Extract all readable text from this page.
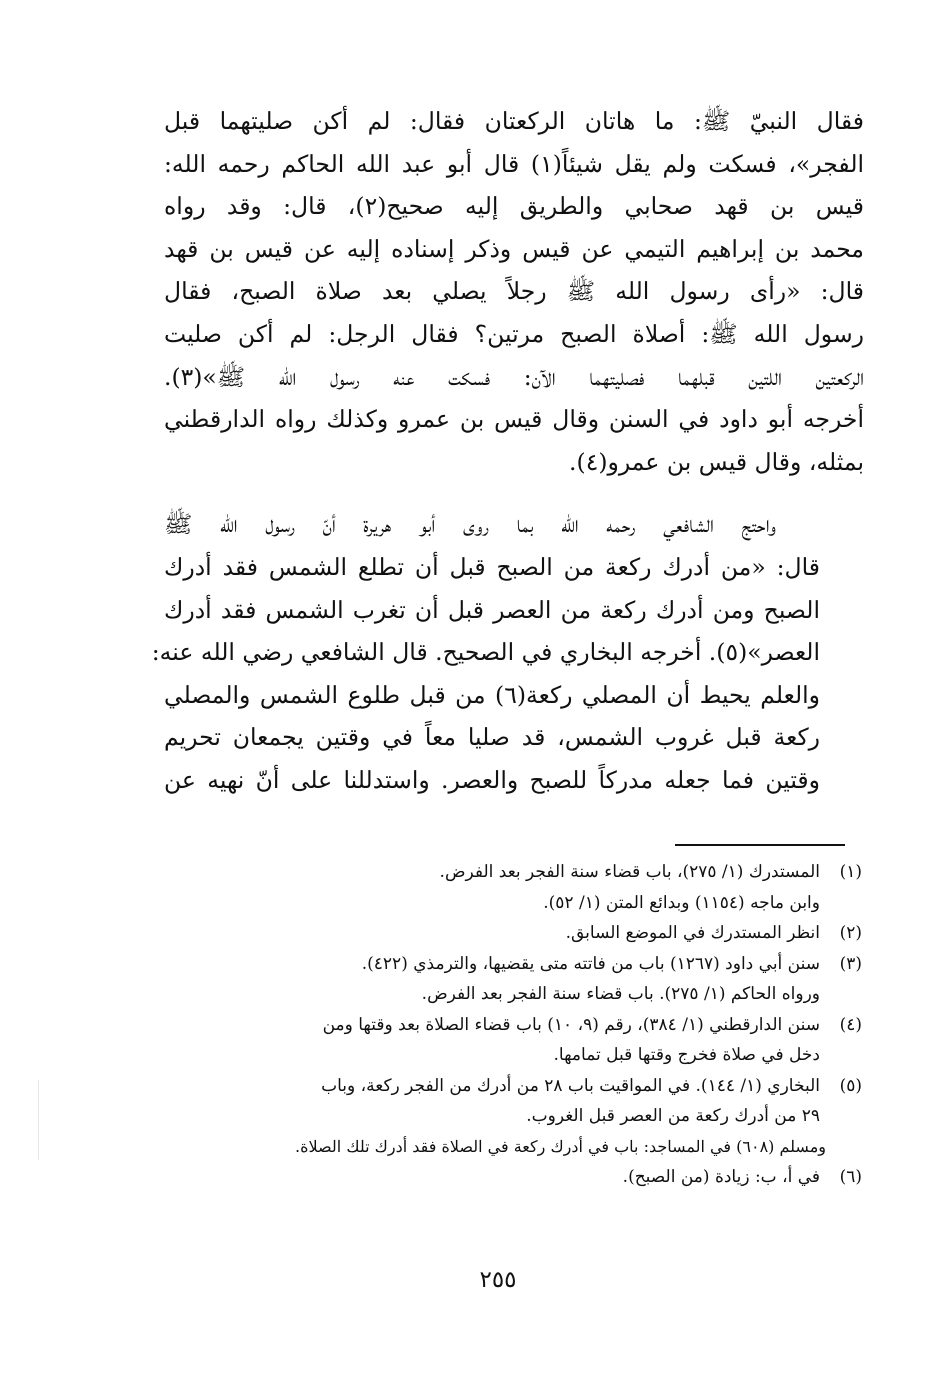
فقال النبيّ ﷺ: ما هاتان الركعتان فقال: لم أكن صليتهما قبل
الفجر»، فسكت ولم يقل شيئاً(١) قال أبو عبد الله الحاكم رحمه الله:
قيس بن قهد صحابي والطريق إليه صحيح(٢)، قال: وقد رواه
محمد بن إبراهيم التيمي عن قيس وذكر إسناده إليه عن قيس بن قهد
قال: «رأى رسول الله ﷺ رجلاً يصلي بعد صلاة الصبح، فقال
رسول الله ﷺ: أصلاة الصبح مرتين؟ فقال الرجل: لم أكن صليت
الركعتين اللتين قبلهما فصليتهما الآن: فسكت عنه رسول الله ﷺ»(٣).
أخرجه أبو داود في السنن وقال قيس بن عمرو وكذلك رواه الدارقطني
بمثله، وقال قيس بن عمرو(٤).
واحتج الشافعي رحمه الله بما روى أبو هريرة أنّ رسول الله ﷺ
قال: «من أدرك ركعة من الصبح قبل أن تطلع الشمس فقد أدرك
الصبح ومن أدرك ركعة من العصر قبل أن تغرب الشمس فقد أدرك
العصر»(٥). أخرجه البخاري في الصحيح. قال الشافعي رضي الله عنه:
والعلم يحيط أن المصلي ركعة(٦) من قبل طلوع الشمس والمصلي
ركعة قبل غروب الشمس، قد صليا معاً في وقتين يجمعان تحريم
وقتين فما جعله مدركاً للصبح والعصر. واستدللنا على أنّ نهيه عن
(١)
المستدرك (١/ ٢٧٥)، باب قضاء سنة الفجر بعد الفرض.
وابن ماجه (١١٥٤) وبدائع المتن (١/ ٥٢).
(٢)
انظر المستدرك في الموضع السابق.
(٣)
سنن أبي داود (١٢٦٧) باب من فاتته متى يقضيها، والترمذي (٤٢٢).
ورواه الحاكم (١/ ٢٧٥). باب قضاء سنة الفجر بعد الفرض.
(٤)
سنن الدارقطني (١/ ٣٨٤)، رقم (٩، ١٠) باب قضاء الصلاة بعد وقتها ومن
دخل في صلاة فخرج وقتها قبل تمامها.
(٥)
البخاري (١/ ١٤٤). في المواقيت باب ٢٨ من أدرك من الفجر ركعة، وباب
٢٩ من أدرك ركعة من العصر قبل الغروب.
ومسلم (٦٠٨) في المساجد: باب في أدرك ركعة في الصلاة فقد أدرك تلك الصلاة.
(٦)
في أ، ب: زيادة (من الصبح).
٢٥٥
